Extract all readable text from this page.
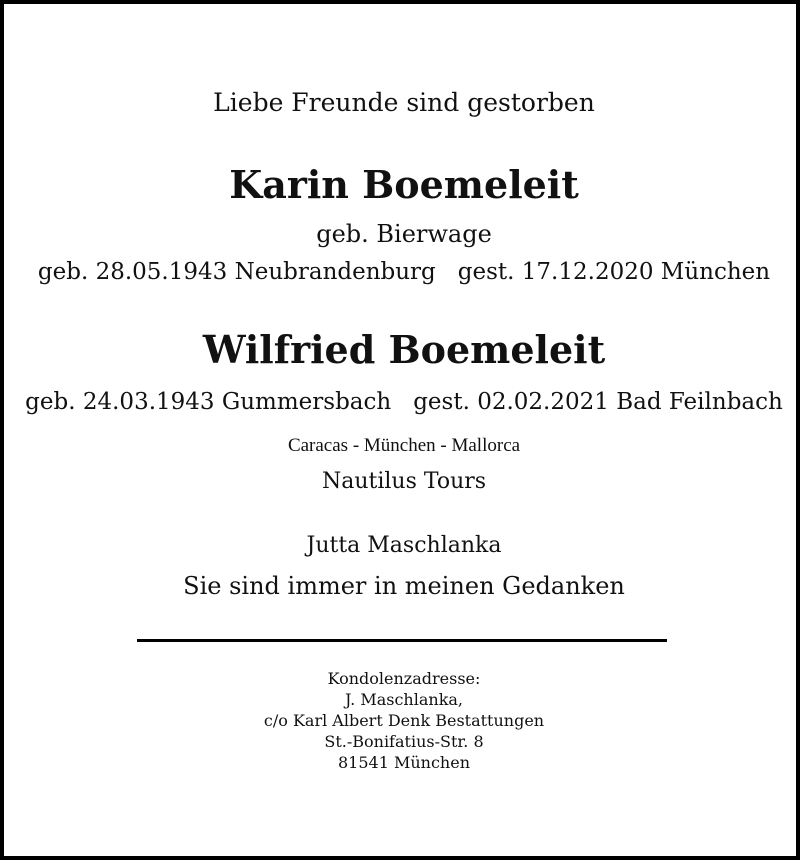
Liebe Freunde sind gestorben
Karin Boemeleit
geb. Bierwage
geb. 28.05.1943 Neubrandenburg gest. 17.12.2020 München
Wilfried Boemeleit
geb. 24.03.1943 Gummersbach gest. 02.02.2021 Bad Feilnbach
Caracas - München - Mallorca
Nautilus Tours
Jutta Maschlanka
Sie sind immer in meinen Gedanken
Kondolenzadresse:
J. Maschlanka,
c/o Karl Albert Denk Bestattungen
St.-Bonifatius-Str. 8
81541 München
